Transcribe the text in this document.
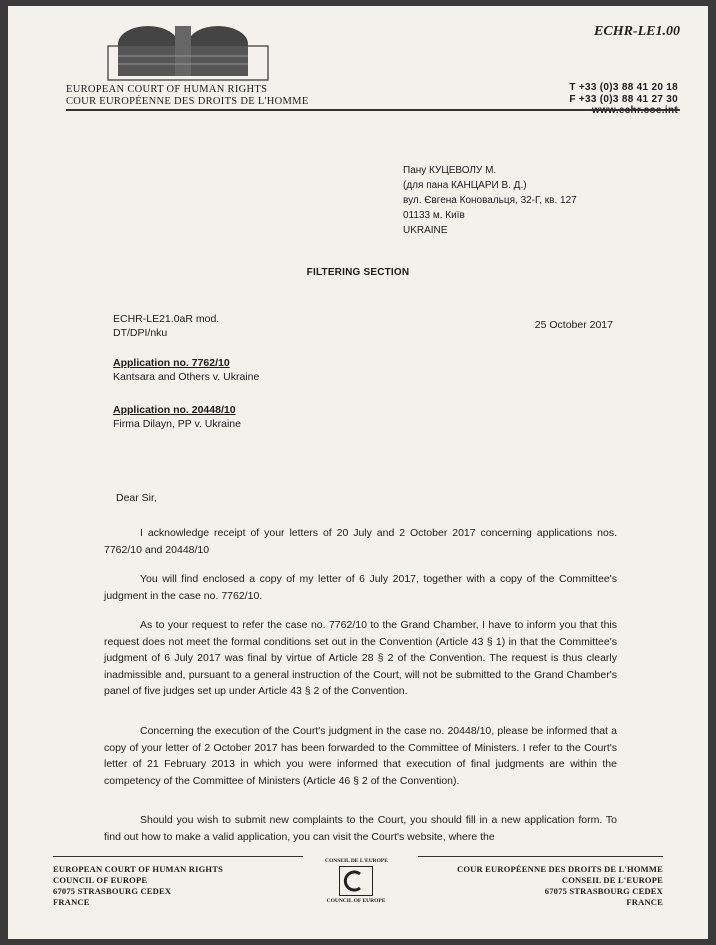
EUROPEAN COURT OF HUMAN RIGHTS
COUR EUROPÉENNE DES DROITS DE L'HOMME
ECHR-LE1.00
T +33 (0)3 88 41 20 18
F +33 (0)3 88 41 27 30
www.echr.coe.int
Пану КУЦЕВОЛУ М.
(для пана КАНЦАРИ В. Д.)
вул. Євгена Коновальця, 32-Г, кв. 127
01133 м. Київ
UKRAINE
FILTERING SECTION
ECHR-LE21.0aR mod.
DT/DPI/nku
25 October 2017
Application no. 7762/10
Kantsara and Others v. Ukraine
Application no. 20448/10
Firma Dilayn, PP v. Ukraine
Dear Sir,

I acknowledge receipt of your letters of 20 July and 2 October 2017 concerning applications nos. 7762/10 and 20448/10

You will find enclosed a copy of my letter of 6 July 2017, together with a copy of the Committee's judgment in the case no. 7762/10.

As to your request to refer the case no. 7762/10 to the Grand Chamber, I have to inform you that this request does not meet the formal conditions set out in the Convention (Article 43 § 1) in that the Committee's judgment of 6 July 2017 was final by virtue of Article 28 § 2 of the Convention. The request is thus clearly inadmissible and, pursuant to a general instruction of the Court, will not be submitted to the Grand Chamber's panel of five judges set up under Article 43 § 2 of the Convention.

Concerning the execution of the Court's judgment in the case no. 20448/10, please be informed that a copy of your letter of 2 October 2017 has been forwarded to the Committee of Ministers. I refer to the Court's letter of 21 February 2013 in which you were informed that execution of final judgments are within the competency of the Committee of Ministers (Article 46 § 2 of the Convention).

Should you wish to submit new complaints to the Court, you should fill in a new application form. To find out how to make a valid application, you can visit the Court's website, where the

EUROPEAN COURT OF HUMAN RIGHTS
COUNCIL OF EUROPE
67075 STRASBOURG CEDEX
FRANCE
CONSEIL DE L'EUROPE
COUNCIL OF EUROPE
COUR EUROPÉENNE DES DROITS DE L'HOMME
CONSEIL DE L'EUROPE
67075 STRASBOURG CEDEX
FRANCE
